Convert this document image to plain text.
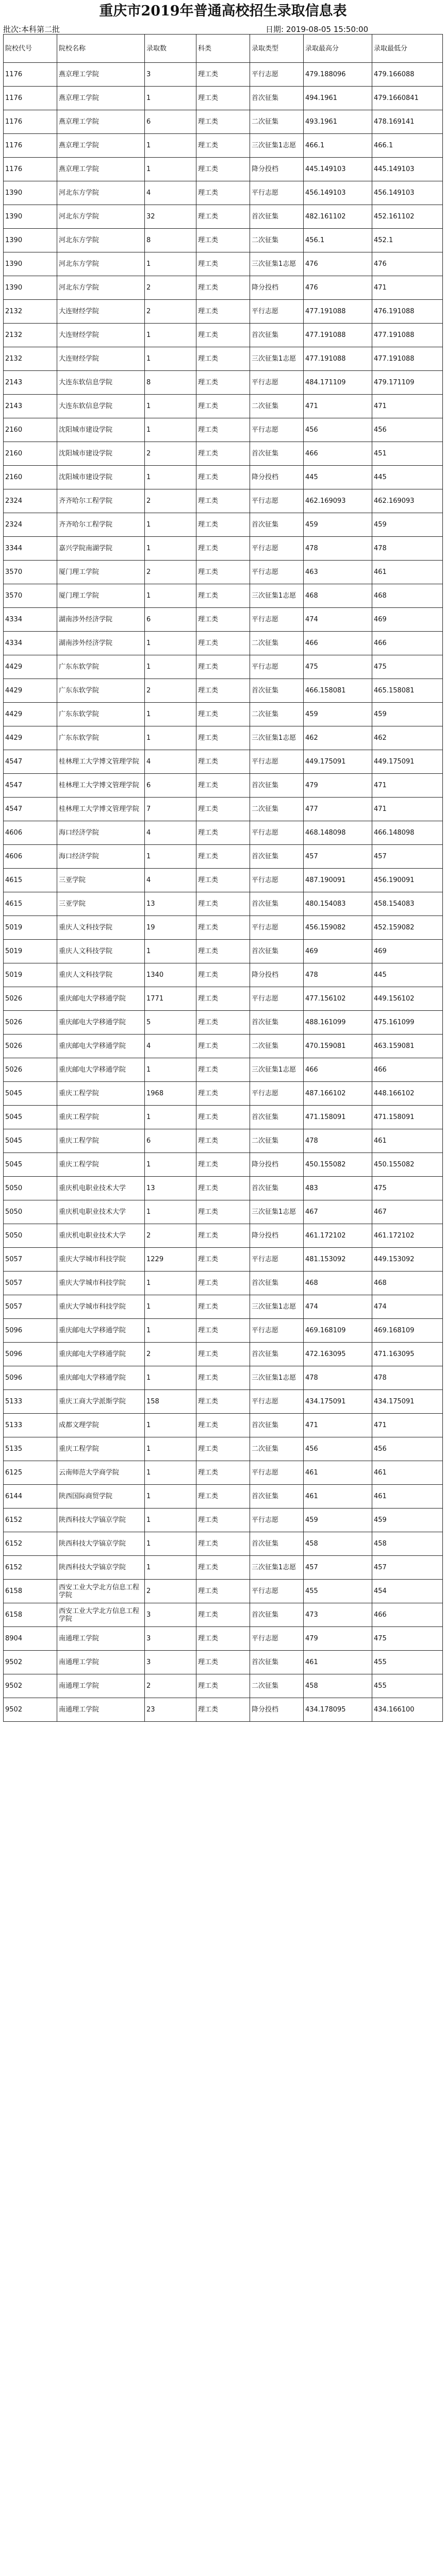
重庆市2019年普通高校招生录取信息表
批次:本科第二批	日期: 2019-08-05 15:50:00
院校代号	院校名称	录取数	科类	录取类型	录取最高分	录取最低分
1176	燕京理工学院	3	理工类	平行志愿	479.188096	479.166088
1176	燕京理工学院	1	理工类	首次征集	494.1961	479.1660841
1176	燕京理工学院	6	理工类	二次征集	493.1961	478.169141
1176	燕京理工学院	1	理工类	三次征集1志愿	466.1	466.1
1176	燕京理工学院	1	理工类	降分投档	445.149103	445.149103
1390	河北东方学院	4	理工类	平行志愿	456.149103	456.149103
1390	河北东方学院	32	理工类	首次征集	482.161102	452.161102
1390	河北东方学院	8	理工类	二次征集	456.1	452.1
1390	河北东方学院	1	理工类	三次征集1志愿	476	476
1390	河北东方学院	2	理工类	降分投档	476	471
2132	大连财经学院	2	理工类	平行志愿	477.191088	476.191088
2132	大连财经学院	1	理工类	首次征集	477.191088	477.191088
2132	大连财经学院	1	理工类	三次征集1志愿	477.191088	477.191088
2143	大连东软信息学院	8	理工类	平行志愿	484.171109	479.171109
2143	大连东软信息学院	1	理工类	二次征集	471	471
2160	沈阳城市建设学院	1	理工类	平行志愿	456	456
2160	沈阳城市建设学院	2	理工类	首次征集	466	451
2160	沈阳城市建设学院	1	理工类	降分投档	445	445
2324	齐齐哈尔工程学院	2	理工类	平行志愿	462.169093	462.169093
2324	齐齐哈尔工程学院	1	理工类	首次征集	459	459
3344	嘉兴学院南湖学院	1	理工类	平行志愿	478	478
3570	厦门理工学院	2	理工类	平行志愿	463	461
3570	厦门理工学院	1	理工类	三次征集1志愿	468	468
4334	湖南涉外经济学院	6	理工类	平行志愿	474	469
4334	湖南涉外经济学院	1	理工类	二次征集	466	466
4429	广东东软学院	1	理工类	平行志愿	475	475
4429	广东东软学院	2	理工类	首次征集	466.158081	465.158081
4429	广东东软学院	1	理工类	二次征集	459	459
4429	广东东软学院	1	理工类	三次征集1志愿	462	462
4547	桂林理工大学博文管理学院	4	理工类	平行志愿	449.175091	449.175091
4547	桂林理工大学博文管理学院	6	理工类	首次征集	479	471
4547	桂林理工大学博文管理学院	7	理工类	二次征集	477	471
4606	海口经济学院	4	理工类	平行志愿	468.148098	466.148098
4606	海口经济学院	1	理工类	首次征集	457	457
4615	三亚学院	4	理工类	平行志愿	487.190091	456.190091
4615	三亚学院	13	理工类	首次征集	480.154083	458.154083
5019	重庆人文科技学院	19	理工类	平行志愿	456.159082	452.159082
5019	重庆人文科技学院	1	理工类	首次征集	469	469
5019	重庆人文科技学院	1340	理工类	降分投档	478	445
5026	重庆邮电大学移通学院	1771	理工类	平行志愿	477.156102	449.156102
5026	重庆邮电大学移通学院	5	理工类	首次征集	488.161099	475.161099
5026	重庆邮电大学移通学院	4	理工类	二次征集	470.159081	463.159081
5026	重庆邮电大学移通学院	1	理工类	三次征集1志愿	466	466
5045	重庆工程学院	1968	理工类	平行志愿	487.166102	448.166102
5045	重庆工程学院	1	理工类	首次征集	471.158091	471.158091
5045	重庆工程学院	6	理工类	二次征集	478	461
5045	重庆工程学院	1	理工类	降分投档	450.155082	450.155082
5050	重庆机电职业技术大学	13	理工类	首次征集	483	475
5050	重庆机电职业技术大学	1	理工类	三次征集1志愿	467	467
5050	重庆机电职业技术大学	2	理工类	降分投档	461.172102	461.172102
5057	重庆大学城市科技学院	1229	理工类	平行志愿	481.153092	449.153092
5057	重庆大学城市科技学院	1	理工类	首次征集	468	468
5057	重庆大学城市科技学院	1	理工类	三次征集1志愿	474	474
5096	重庆邮电大学移通学院	1	理工类	平行志愿	469.168109	469.168109
5096	重庆邮电大学移通学院	2	理工类	首次征集	472.163095	471.163095
5096	重庆邮电大学移通学院	1	理工类	三次征集1志愿	478	478
5133	重庆工商大学派斯学院	158	理工类	平行志愿	434.175091	434.175091
5133	成都文理学院	1	理工类	首次征集	471	471
5135	重庆工程学院	1	理工类	二次征集	456	456
6125	云南师范大学商学院	1	理工类	平行志愿	461	461
6144	陕西国际商贸学院	1	理工类	首次征集	461	461
6152	陕西科技大学镐京学院	1	理工类	平行志愿	459	459
6152	陕西科技大学镐京学院	1	理工类	首次征集	458	458
6152	陕西科技大学镐京学院	1	理工类	三次征集1志愿	457	457
6158	西安工业大学北方信息工程学院	2	理工类	平行志愿	455	454
6158	西安工业大学北方信息工程学院	3	理工类	首次征集	473	466
8904	南通理工学院	3	理工类	平行志愿	479	475
9502	南通理工学院	3	理工类	首次征集	461	455
9502	南通理工学院	2	理工类	二次征集	458	455
9502	南通理工学院	23	理工类	降分投档	434.178095	434.166100
